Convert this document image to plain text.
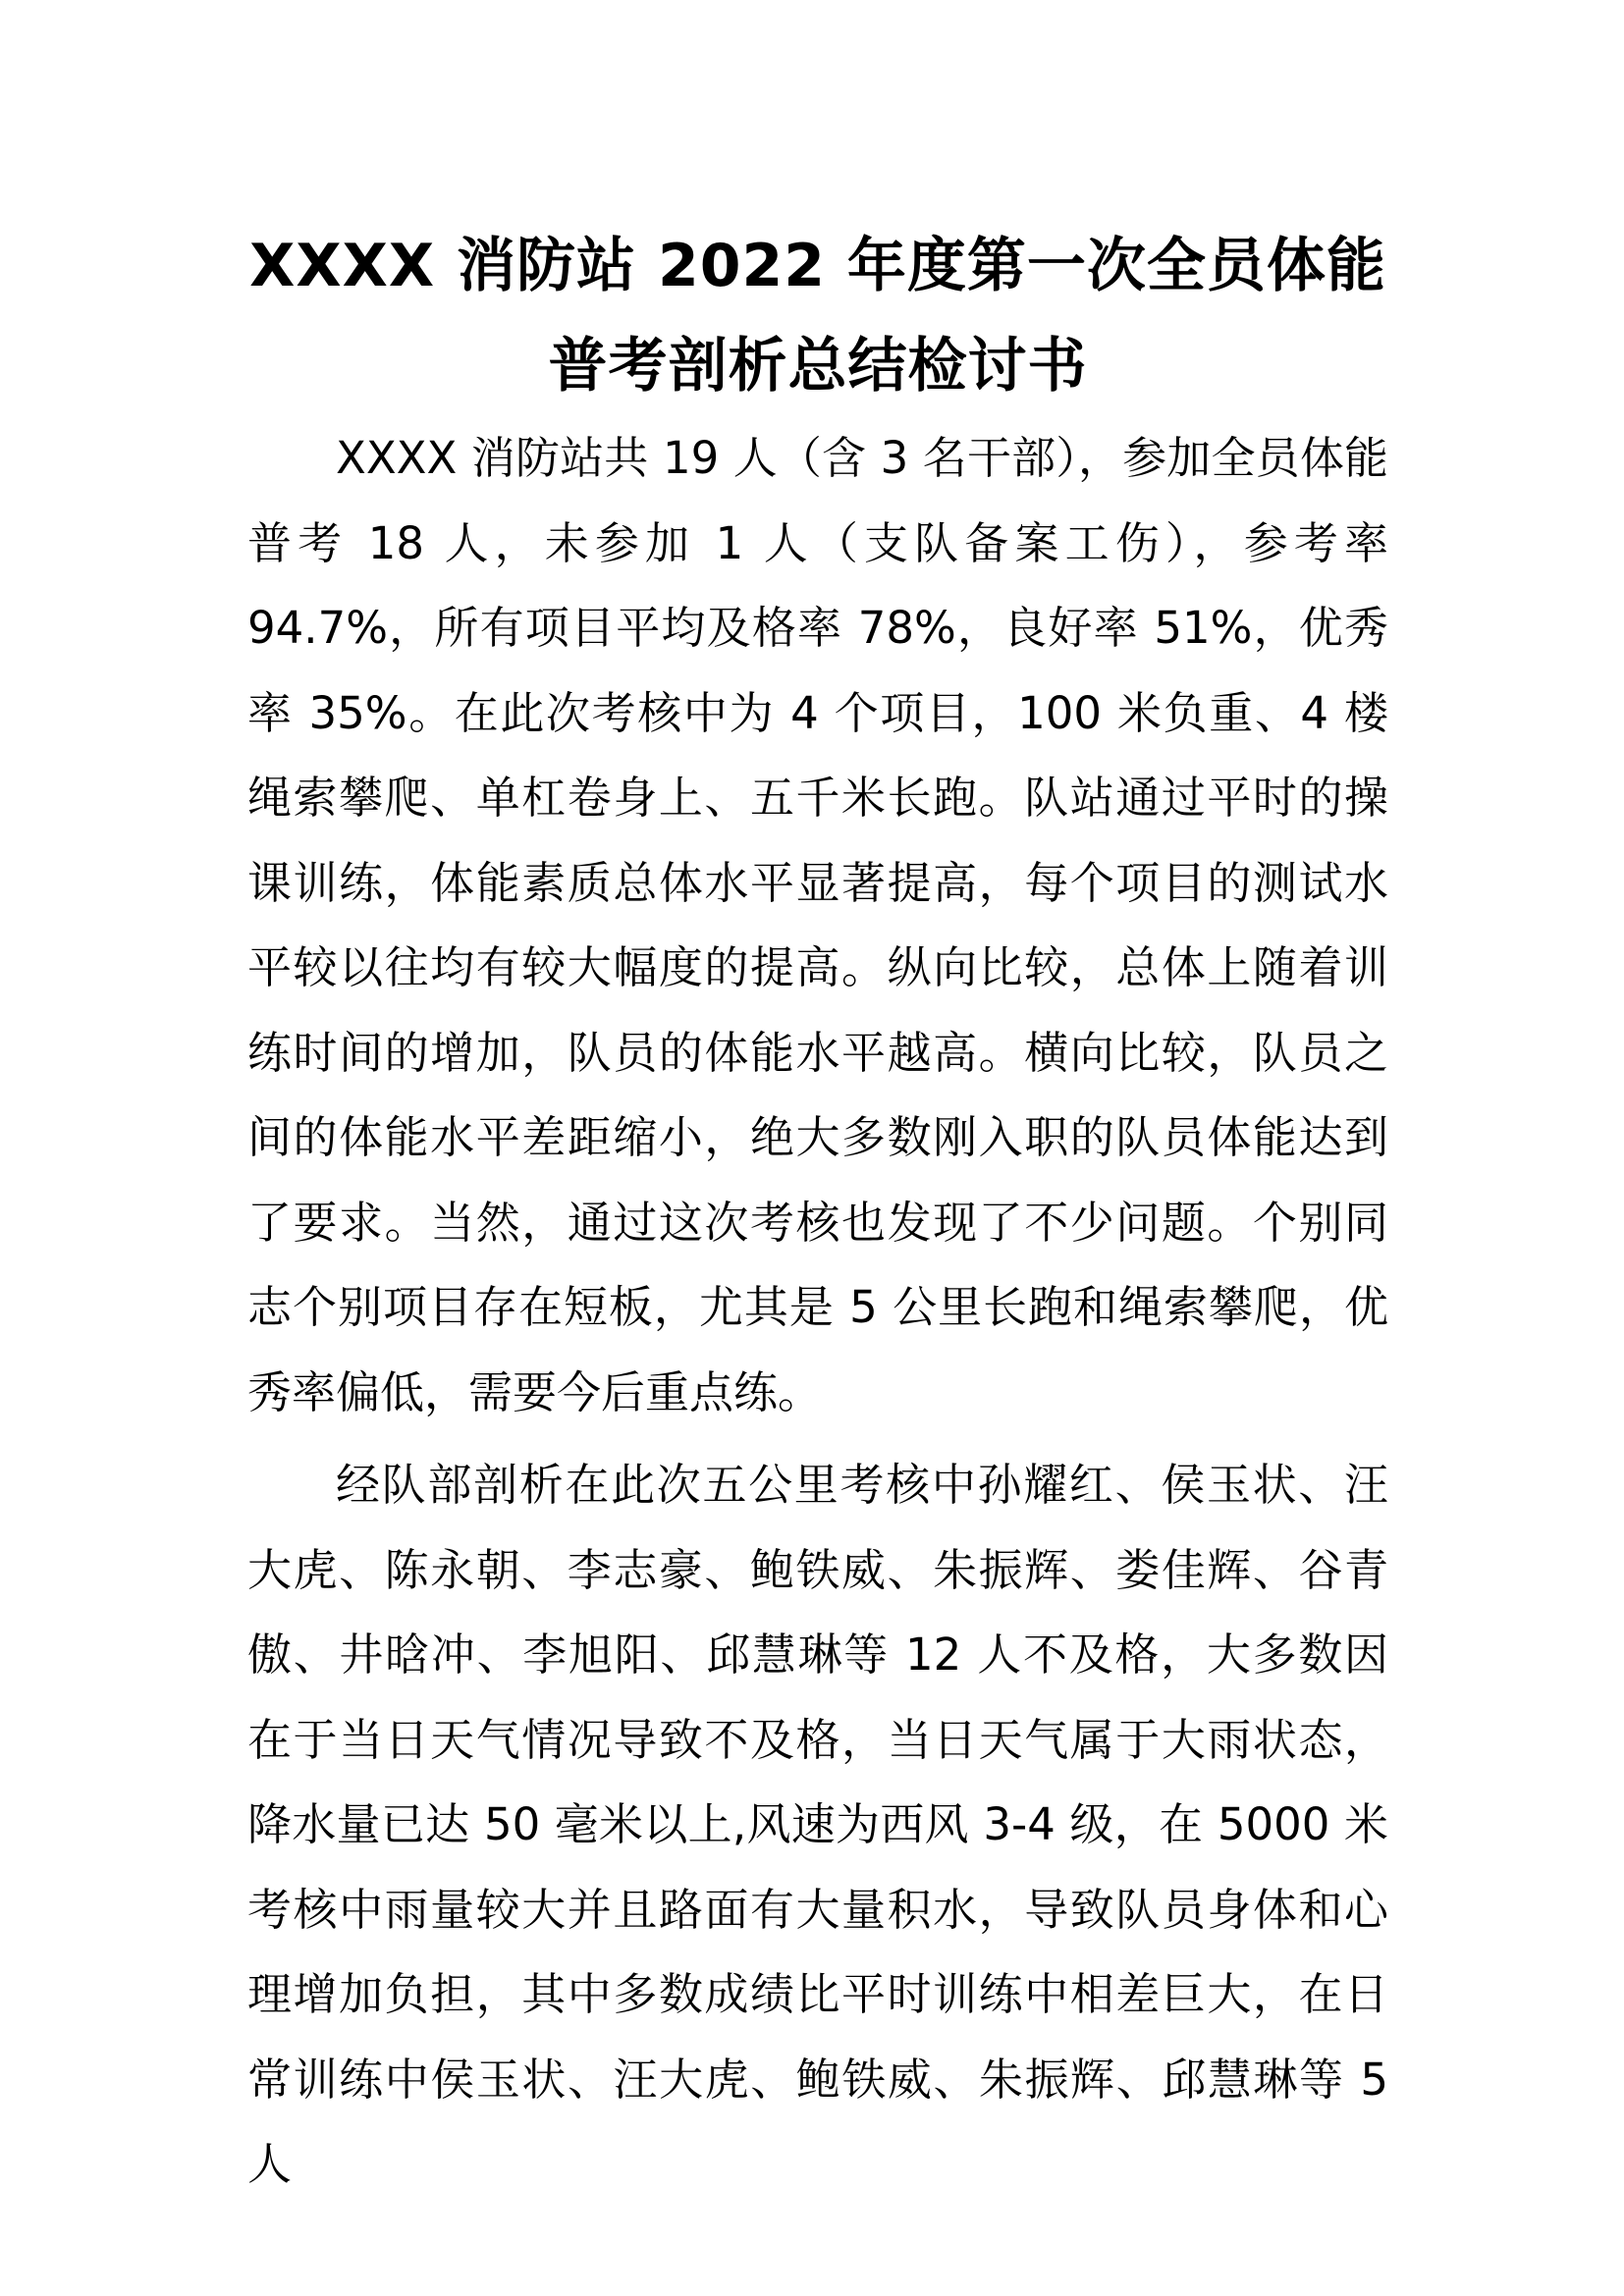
XXXX 消防站 2022 年度第一次全员体能
普考剖析总结检讨书

XXXX 消防站共 19 人（含 3 名干部），参加全员体能普考 18 人，未参加 1 人（支队备案工伤），参考率 94.7%，所有项目平均及格率 78%，良好率 51%，优秀率 35%。在此次考核中为 4 个项目，100 米负重、4 楼绳索攀爬、单杠卷身上、五千米长跑。队站通过平时的操课训练，体能素质总体水平显著提高，每个项目的测试水平较以往均有较大幅度的提高。纵向比较，总体上随着训练时间的增加，队员的体能水平越高。横向比较，队员之间的体能水平差距缩小，绝大多数刚入职的队员体能达到了要求。当然，通过这次考核也发现了不少问题。个别同志个别项目存在短板，尤其是 5 公里长跑和绳索攀爬，优秀率偏低，需要今后重点练。

经队部剖析在此次五公里考核中孙耀红、侯玉状、汪大虎、陈永朝、李志豪、鲍铁威、朱振辉、娄佳辉、谷青傲、井晗冲、李旭阳、邱慧琳等 12 人不及格，大多数因在于当日天气情况导致不及格，当日天气属于大雨状态，降水量已达 50 毫米以上,风速为西风 3-4 级，在 5000 米考核中雨量较大并且路面有大量积水，导致队员身体和心理增加负担，其中多数成绩比平时训练中相差巨大，在日常训练中侯玉状、汪大虎、鲍铁威、朱振辉、邱慧琳等 5 人
